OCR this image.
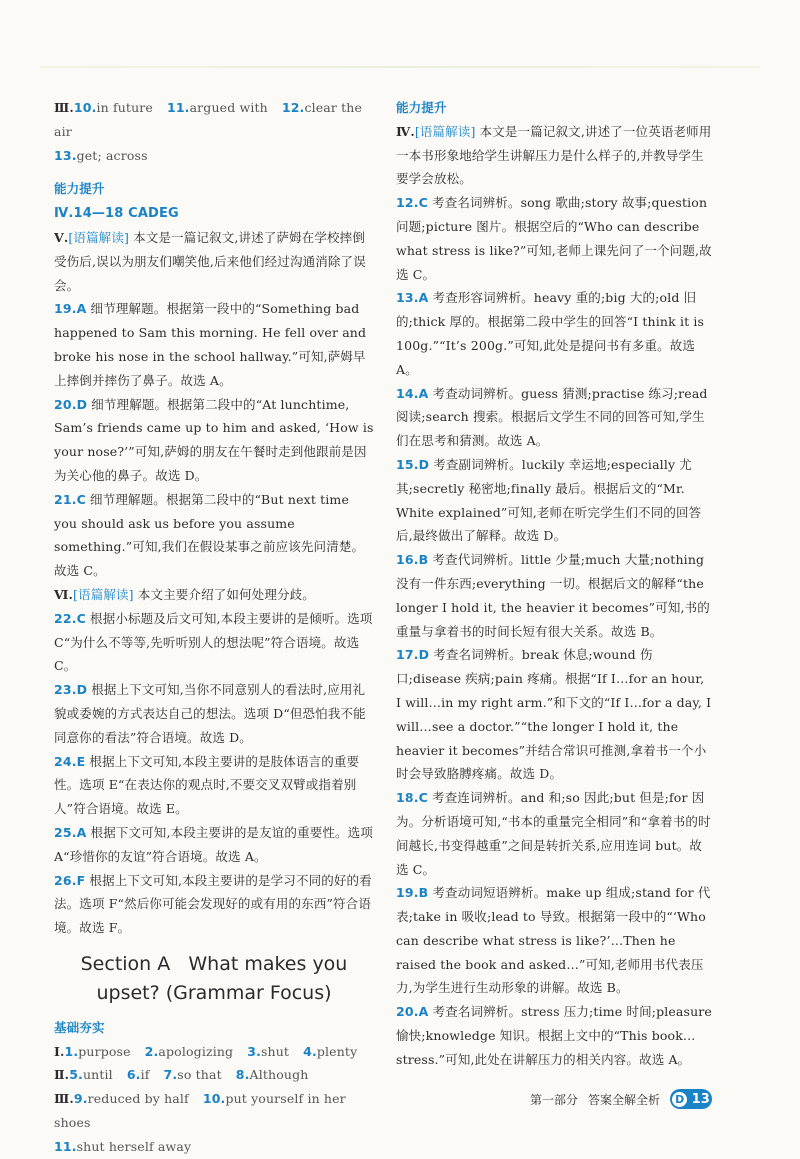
Ⅲ.10.in future 11.argued with 12.clear the air

13.get; across

能力提升

Ⅳ.14—18 CADEG

Ⅴ.[语篇解读] 本文是一篇记叙文,讲述了萨姆在学校摔倒受伤后,误以为朋友们嘲笑他,后来他们经过沟通消除了误会。

19.A 细节理解题。根据第一段中的“Something bad happened to Sam this morning. He fell over and broke his nose in the school hallway.”可知,萨姆早上摔倒并摔伤了鼻子。故选 A。

20.D 细节理解题。根据第二段中的“At lunchtime, Sam’s friends came up to him and asked, ‘How is your nose?’”可知,萨姆的朋友在午餐时走到他跟前是因为关心他的鼻子。故选 D。

21.C 细节理解题。根据第二段中的“But next time you should ask us before you assume something.”可知,我们在假设某事之前应该先问清楚。故选 C。

Ⅵ.[语篇解读] 本文主要介绍了如何处理分歧。

22.C 根据小标题及后文可知,本段主要讲的是倾听。选项 C“为什么不等等,先听听别人的想法呢”符合语境。故选 C。

23.D 根据上下文可知,当你不同意别人的看法时,应用礼貌或委婉的方式表达自己的想法。选项 D“但恐怕我不能同意你的看法”符合语境。故选 D。

24.E 根据上下文可知,本段主要讲的是肢体语言的重要性。选项 E“在表达你的观点时,不要交叉双臂或指着别人”符合语境。故选 E。

25.A 根据下文可知,本段主要讲的是友谊的重要性。选项 A“珍惜你的友谊”符合语境。故选 A。

26.F 根据上下文可知,本段主要讲的是学习不同的好的看法。选项 F“然后你可能会发现好的或有用的东西”符合语境。故选 F。

Section A   What makes you
upset? (Grammar Focus)

基础夯实

Ⅰ.1.purpose 2.apologizing 3.shut 4.plenty

Ⅱ.5.until 6.if 7.so that 8.Although

Ⅲ.9.reduced by half 10.put yourself in her shoes

11.shut herself away

能力提升

Ⅳ.[语篇解读] 本文是一篇记叙文,讲述了一位英语老师用一本书形象地给学生讲解压力是什么样子的,并教导学生要学会放松。

12.C 考查名词辨析。song 歌曲;story 故事;question 问题;picture 图片。根据空后的“Who can describe what stress is like?”可知,老师上课先问了一个问题,故选 C。

13.A 考查形容词辨析。heavy 重的;big 大的;old 旧的;thick 厚的。根据第二段中学生的回答“I think it is 100g.”“It’s 200g.”可知,此处是提问书有多重。故选 A。

14.A 考查动词辨析。guess 猜测;practise 练习;read 阅读;search 搜索。根据后文学生不同的回答可知,学生们在思考和猜测。故选 A。

15.D 考查副词辨析。luckily 幸运地;especially 尤其;secretly 秘密地;finally 最后。根据后文的“Mr. White explained”可知,老师在听完学生们不同的回答后,最终做出了解释。故选 D。

16.B 考查代词辨析。little 少量;much 大量;nothing 没有一件东西;everything 一切。根据后文的解释“the longer I hold it, the heavier it becomes”可知,书的重量与拿着书的时间长短有很大关系。故选 B。

17.D 考查名词辨析。break 休息;wound 伤口;disease 疾病;pain 疼痛。根据“If I…for an hour, I will…in my right arm.”和下文的“If I…for a day, I will…see a doctor.”“the longer I hold it, the heavier it becomes”并结合常识可推测,拿着书一个小时会导致胳膊疼痛。故选 D。

18.C 考查连词辨析。and 和;so 因此;but 但是;for 因为。分析语境可知,“书本的重量完全相同”和“拿着书的时间越长,书变得越重”之间是转折关系,应用连词 but。故选 C。

19.B 考查动词短语辨析。make up 组成;stand for 代表;take in 吸收;lead to 导致。根据第一段中的“‘Who can describe what stress is like?’…Then he raised the book and asked…”可知,老师用书代表压力,为学生进行生动形象的讲解。故选 B。

20.A 考查名词辨析。stress 压力;time 时间;pleasure 愉快;knowledge 知识。根据上文中的“This book…stress.”可知,此处在讲解压力的相关内容。故选 A。

第一部分 答案全解全析 D 13
